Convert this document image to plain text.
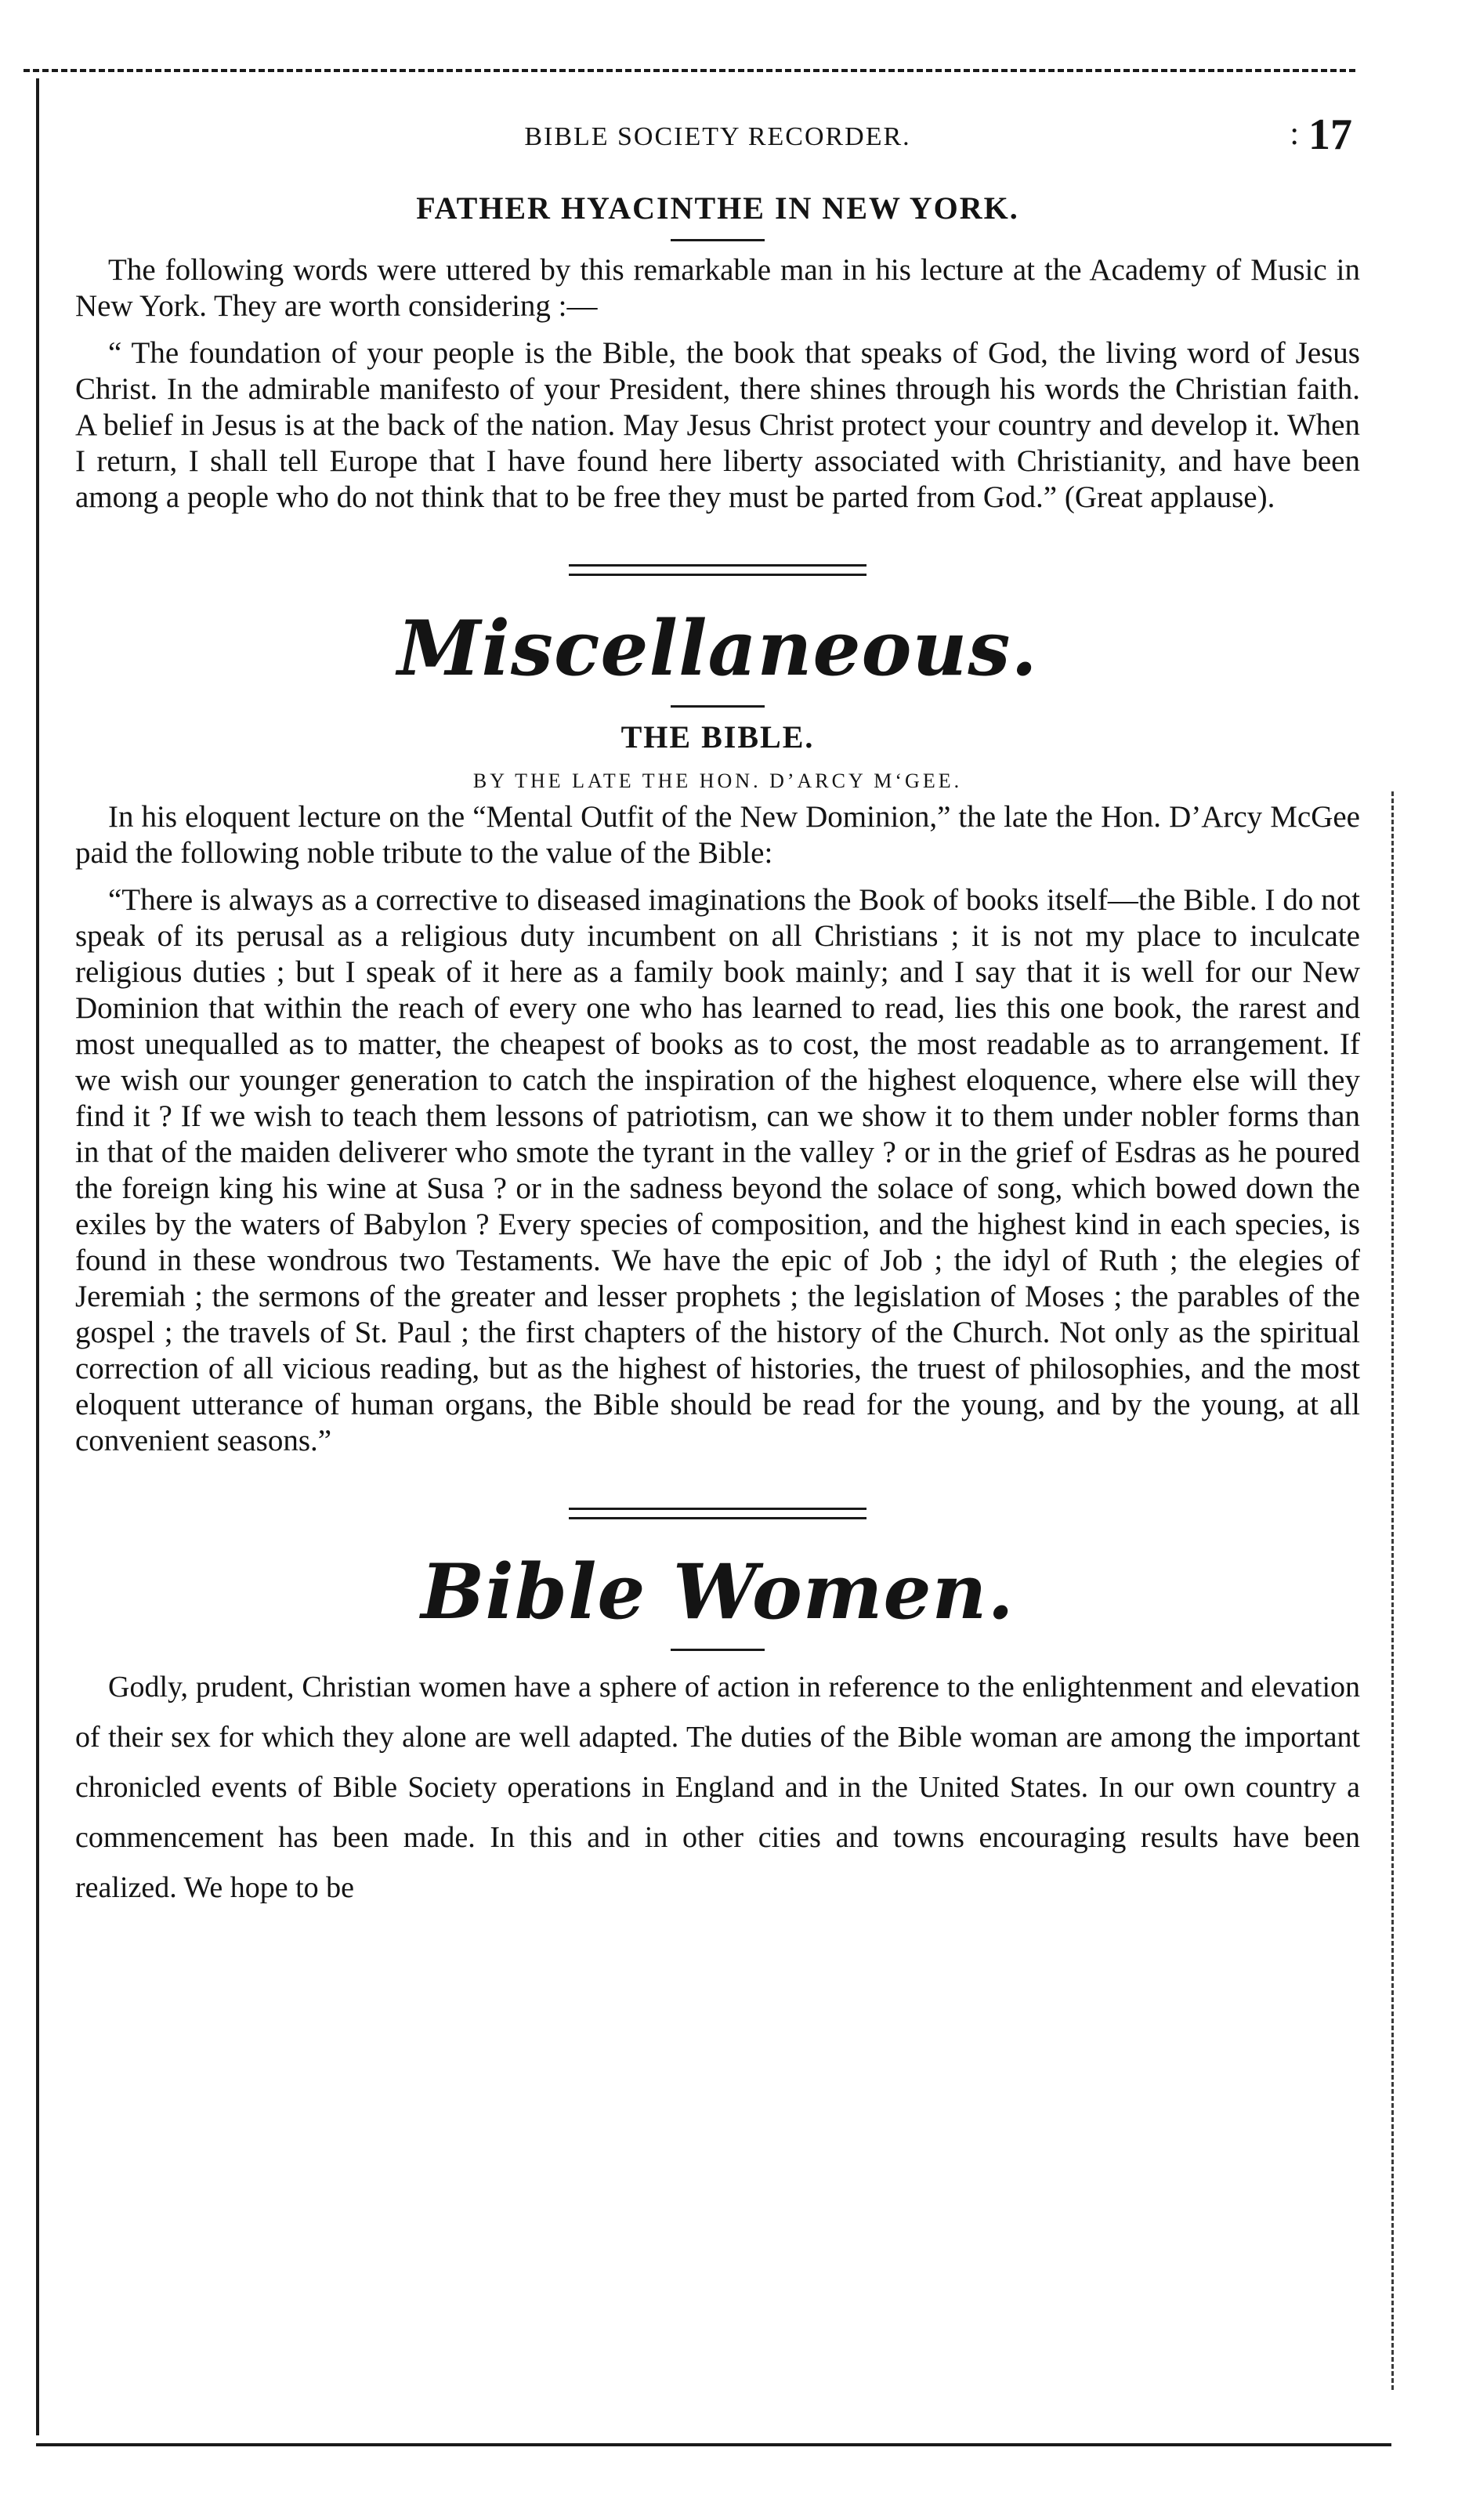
BIBLE SOCIETY RECORDER.
:	17
FATHER HYACINTHE IN NEW YORK.

The following words were uttered by this remarkable man in his lecture at the Academy of Music in New York. They are worth considering :—

“ The foundation of your people is the Bible, the book that speaks of God, the living word of Jesus Christ. In the admirable manifesto of your President, there shines through his words the Christian faith. A belief in Jesus is at the back of the nation. May Jesus Christ protect your country and develop it. When I return, I shall tell Europe that I have found here liberty associated with Christianity, and have been among a people who do not think that to be free they must be parted from God.” (Great applause).

Miscellaneous.
THE BIBLE.
BY THE LATE THE HON. D’ARCY M‘GEE.

In his eloquent lecture on the “Mental Outfit of the New Dominion,” the late the Hon. D’Arcy McGee paid the following noble tribute to the value of the Bible:

“There is always as a corrective to diseased imaginations the Book of books itself—the Bible. I do not speak of its perusal as a religious duty incumbent on all Christians ; it is not my place to inculcate religious duties ; but I speak of it here as a family book mainly; and I say that it is well for our New Dominion that within the reach of every one who has learned to read, lies this one book, the rarest and most unequalled as to matter, the cheapest of books as to cost, the most readable as to arrangement. If we wish our younger generation to catch the inspiration of the highest eloquence, where else will they find it ? If we wish to teach them lessons of patriotism, can we show it to them under nobler forms than in that of the maiden deliverer who smote the tyrant in the valley ? or in the grief of Esdras as he poured the foreign king his wine at Susa ? or in the sadness beyond the solace of song, which bowed down the exiles by the waters of Babylon ? Every species of composition, and the highest kind in each species, is found in these wondrous two Testaments. We have the epic of Job ; the idyl of Ruth ; the elegies of Jeremiah ; the sermons of the greater and lesser prophets ; the legislation of Moses ; the parables of the gospel ; the travels of St. Paul ; the first chapters of the history of the Church. Not only as the spiritual correction of all vicious reading, but as the highest of histories, the truest of philosophies, and the most eloquent utterance of human organs, the Bible should be read for the young, and by the young, at all convenient seasons.”

Bible Women.

Godly, prudent, Christian women have a sphere of action in reference to the enlightenment and elevation of their sex for which they alone are well adapted. The duties of the Bible woman are among the important chronicled events of Bible Society operations in England and in the United States. In our own country a commencement has been made. In this and in other cities and towns encouraging results have been realized. We hope to be
